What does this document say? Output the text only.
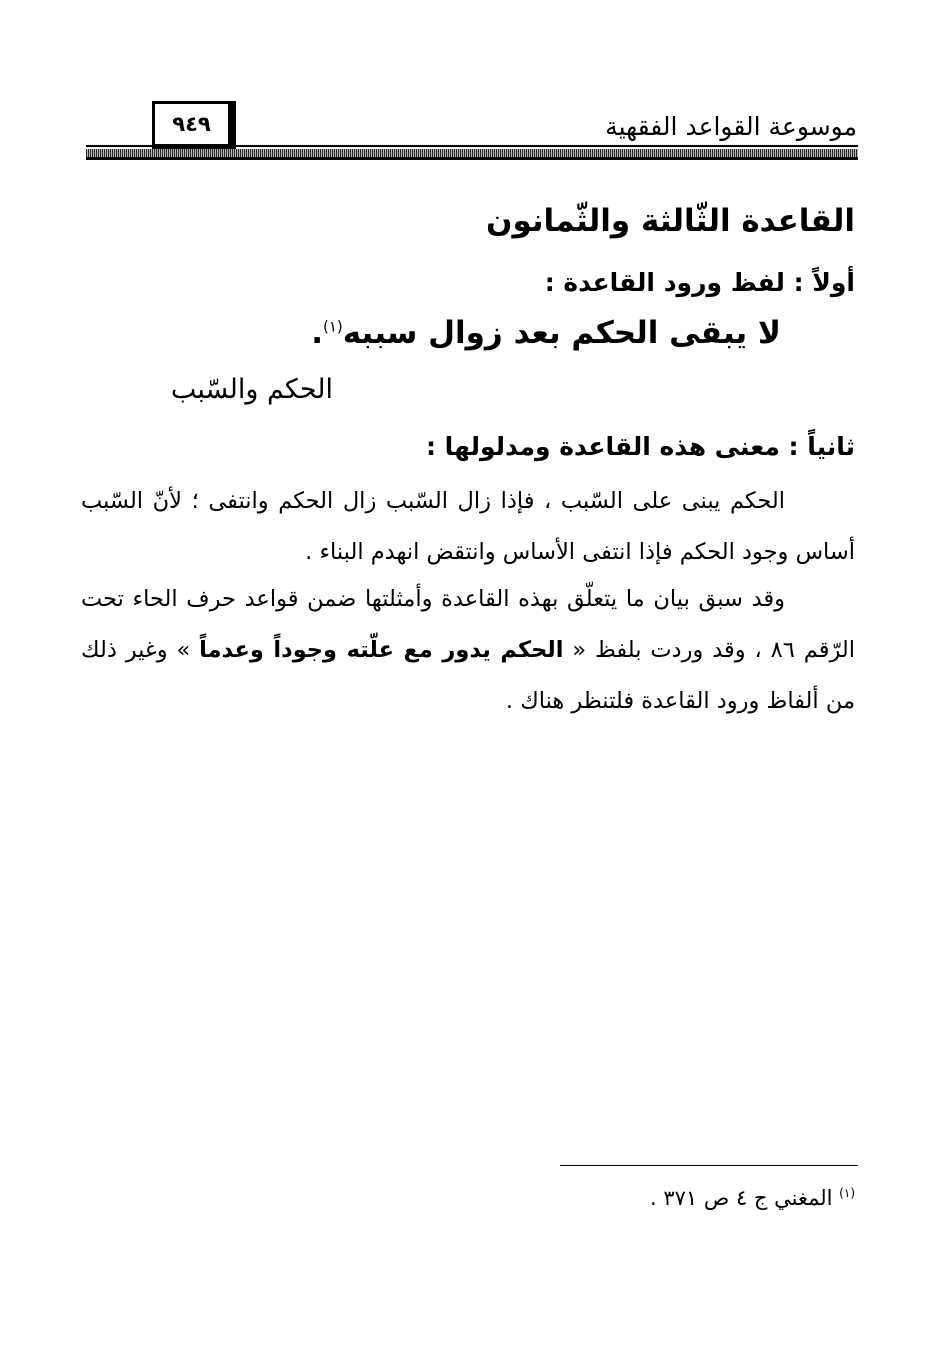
موسوعة القواعد الفقهية
٩٤٩
القاعدة الثّالثة والثّمانون
أولاً : لفظ ورود القاعدة :
لا يبقى الحكم بعد زوال سببه$^{(١)}$.
الحكم والسّبب
ثانياً : معنى هذه القاعدة ومدلولها :
الحكم يبنى على السّبب ، فإذا زال السّبب زال الحكم وانتفى ؛ لأنّ السّبب أساس وجود الحكم فإذا انتفى الأساس وانتقض انهدم البناء .
وقد سبق بيان ما يتعلّق بهذه القاعدة وأمثلتها ضمن قواعد حرف الحاء تحت الرّقم ٨٦ ، وقد وردت بلفظ « الحكم يدور مع علّته وجوداً وعدماً » وغير ذلك من ألفاظ ورود القاعدة فلتنظر هناك .
$^{(١)}$ المغني ج ٤ ص ٣٧١ .
